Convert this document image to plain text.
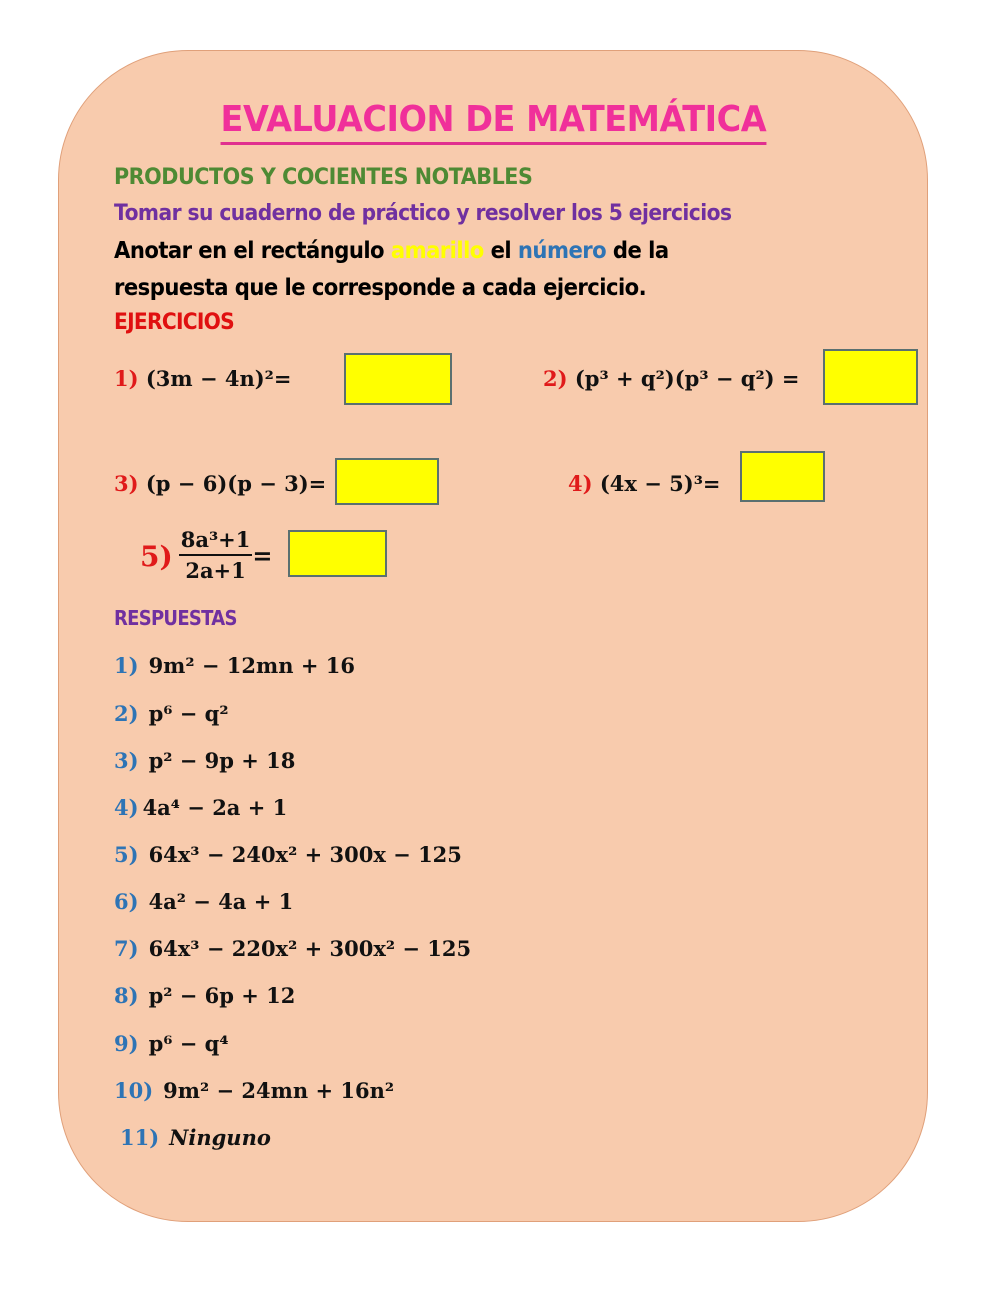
EVALUACION DE MATEMÁTICA
PRODUCTOS Y COCIENTES NOTABLES
Tomar su cuaderno de práctico y resolver los 5 ejercicios
Anotar en el rectángulo amarillo el número de la
respuesta que le corresponde a cada ejercicio.
EJERCICIOS
1) (3m − 4n)²=	2) (p³ + q²)(p³ − q²) =
3) (p − 6)(p − 3)=	4) (4x − 5)³=
$5) \frac{\text{8a³+1}}{2a+1}$ =
RESPUESTAS
1) 9m² − 12mn + 16
2) p⁶ − q²
3) p² − 9p + 18
4) 4a⁴ − 2a + 1
5) 64x³ − 240x² + 300x − 125
6) 4a² − 4a + 1
7) 64x³ − 220x² + 300x² − 125
8) p² − 6p + 12
9) p⁶ − q⁴
10) 9m² − 24mn + 16n²
11) Ninguno
